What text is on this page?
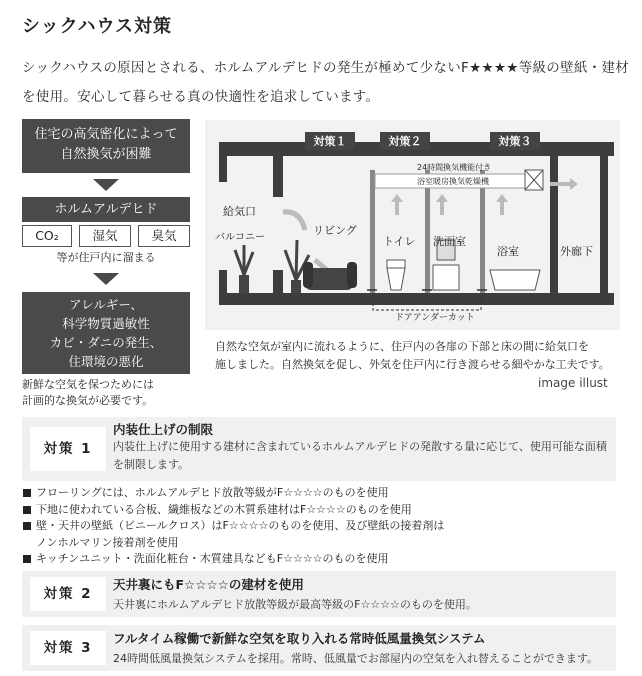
シックハウス対策

シックハウスの原因とされる、ホルムアルデヒドの発生が極めて少ないF★★★★等級の壁紙・建材を使用。安心して暮らせる真の快適性を追求しています。

住宅の高気密化によって
自然換気が困難
ホルムアルデヒド
CO₂	湿気	臭気
等が住戸内に溜まる
アレルギー、
科学物質過敏性
カビ・ダニの発生、
住環境の悪化
新鮮な空気を保つためには
計画的な換気が必要です。
対策１	対策２	対策３
24時間換気機能付き
浴室暖房換気乾燥機
給気口
バルコニー
リビング
トイレ 洗面室
浴室	外廊下
ドアアンダーカット
自然な空気が室内に流れるように、住戸内の各扉の下部と床の間に給気口を
施しました。自然換気を促し、外気を住戸内に行き渡らせる細やかな工夫です。
image illust
対策 1
内装仕上げの制限
内装仕上げに使用する建材に含まれているホルムアルデヒドの発散する量に応じて、使用可能な面積を制限します。
フローリングには、ホルムアルデヒド放散等級がF☆☆☆☆のものを使用
下地に使われている合板、繊維板などの木質系建材はF☆☆☆☆のものを使用
壁・天井の壁紙（ビニールクロス）はF☆☆☆☆のものを使用、及び壁紙の接着剤は
ノンホルマリン接着剤を使用
キッチンユニット・洗面化粧台・木質建具などもF☆☆☆☆のものを使用
対策 2
天井裏にもF☆☆☆☆の建材を使用
天井裏にホルムアルデヒド放散等級が最高等級のF☆☆☆☆のものを使用。
対策 3
フルタイム稼働で新鮮な空気を取り入れる常時低風量換気システム
24時間低風量換気システムを採用。常時、低風量でお部屋内の空気を入れ替えることができます。
